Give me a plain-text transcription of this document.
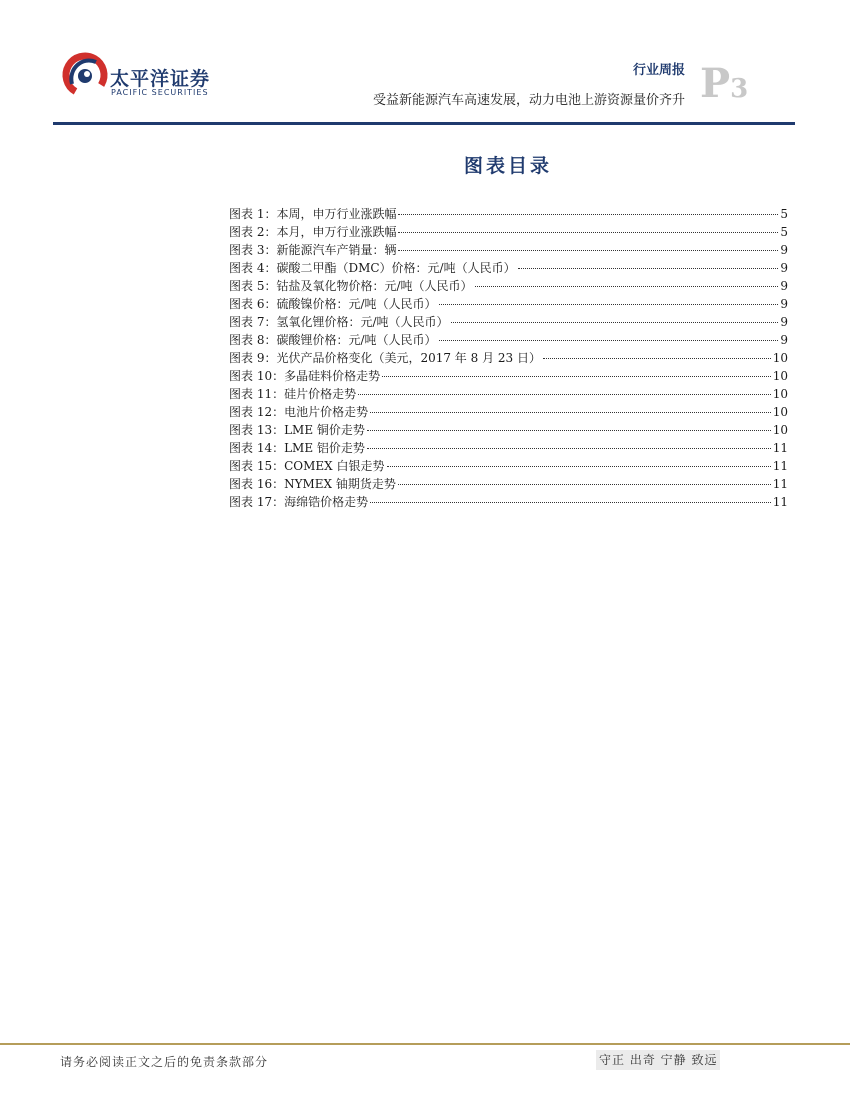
太平洋证券
PACIFIC SECURITIES
行业周报
受益新能源汽车高速发展，动力电池上游资源量价齐升 P3
图表目录
图表 1：本周，申万行业涨跌幅	5
图表 2：本月，申万行业涨跌幅	5
图表 3：新能源汽车产销量：辆	9
图表 4：碳酸二甲酯（DMC）价格：元/吨（人民币）	9
图表 5：钴盐及氧化物价格：元/吨（人民币）	9
图表 6：硫酸镍价格：元/吨（人民币）	9
图表 7：氢氧化锂价格：元/吨（人民币）	9
图表 8：碳酸锂价格：元/吨（人民币）	9
图表 9：光伏产品价格变化（美元，2017 年 8 月 23 日）	10
图表 10：多晶硅料价格走势	10
图表 11：硅片价格走势	10
图表 12：电池片价格走势	10
图表 13：LME 铜价走势	10
图表 14：LME 铝价走势	11
图表 15：COMEX 白银走势	11
图表 16：NYMEX 铀期货走势	11
图表 17：海绵锆价格走势	11
请务必阅读正文之后的免责条款部分	守正 出奇 宁静 致远
